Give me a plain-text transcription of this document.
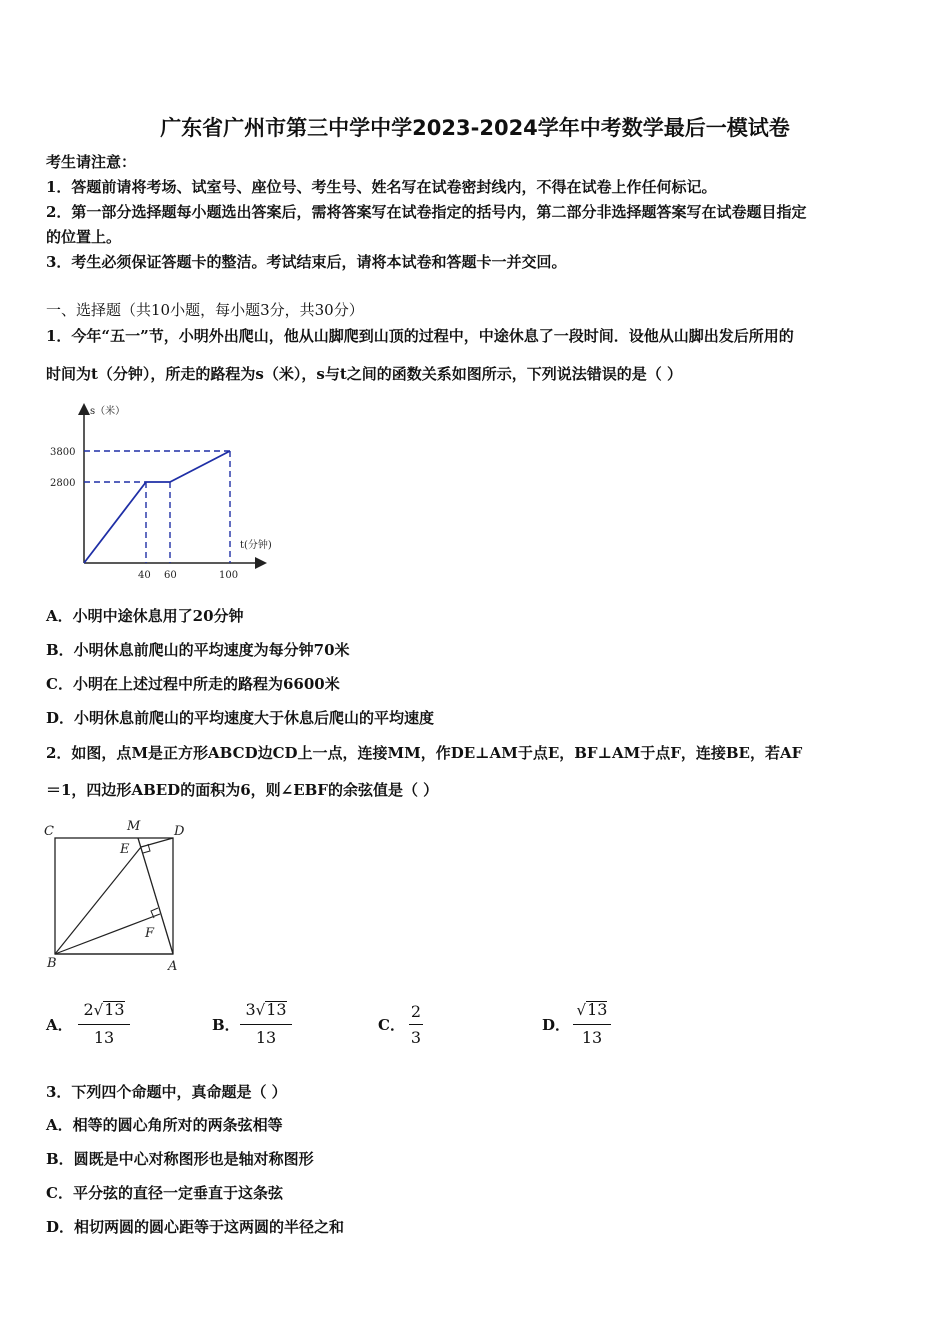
广东省广州市第三中学中学2023-2024学年中考数学最后一模试卷
考生请注意：
1．答题前请将考场、试室号、座位号、考生号、姓名写在试卷密封线内，不得在试卷上作任何标记。
2．第一部分选择题每小题选出答案后，需将答案写在试卷指定的括号内，第二部分非选择题答案写在试卷题目指定
的位置上。
3．考生必须保证答题卡的整洁。考试结束后，请将本试卷和答题卡一并交回。
一、选择题（共10小题，每小题3分，共30分）
1．今年“五一”节，小明外出爬山，他从山脚爬到山顶的过程中，中途休息了一段时间．设他从山脚出发后所用的
时间为t（分钟），所走的路程为s（米），s与t之间的函数关系如图所示，下列说法错误的是（ ）
s（米）
t(分钟)
3800
2800
40 60	100
A．小明中途休息用了20分钟
B．小明休息前爬山的平均速度为每分钟70米
C．小明在上述过程中所走的路程为6600米
D．小明休息前爬山的平均速度大于休息后爬山的平均速度
2．如图，点M是正方形ABCD边CD上一点，连接MM，作DE⊥AM于点E，BF⊥AM于点F，连接BE，若AF
＝1，四边形ABED的面积为6，则∠EBF的余弦值是（ ）
C	M	D
E
F
B	A
A．
2√13
13
B．
3√13
13
C．
2
3
D．
√13
13
3．下列四个命题中，真命题是（ ）
A．相等的圆心角所对的两条弦相等
B．圆既是中心对称图形也是轴对称图形
C．平分弦的直径一定垂直于这条弦
D．相切两圆的圆心距等于这两圆的半径之和
